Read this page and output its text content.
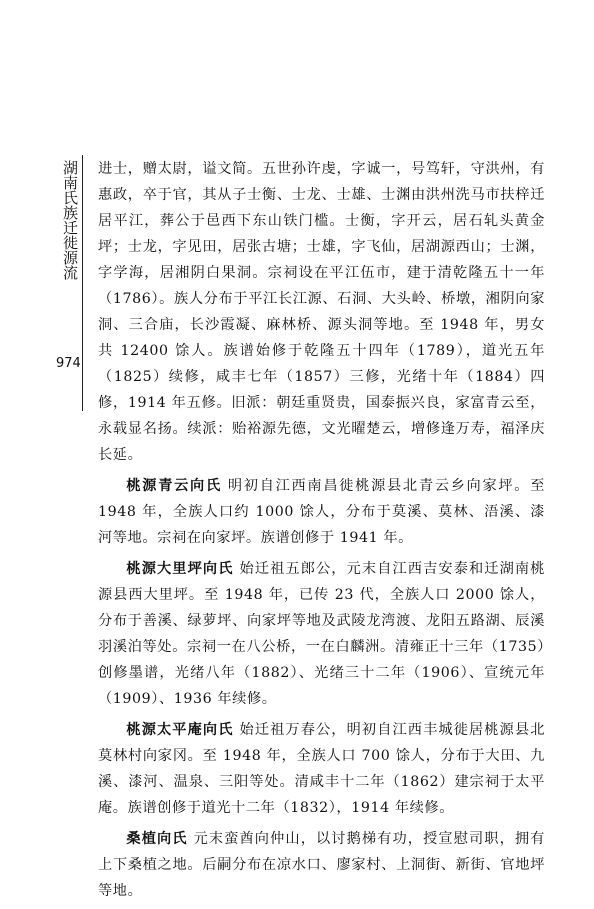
湖南氏族迁徙源流
974

进士，赠太尉，谥文简。五世孙许虔，字诚一，号笃轩，守洪州，有惠政，卒于官，其从子士衡、士龙、士雄、士渊由洪州洗马市扶梓迁居平江，葬公于邑西下东山铁门槛。士衡，字开云，居石轧头黄金坪；士龙，字见田，居张古塘；士雄，字飞仙，居湖源西山；士渊，字学海，居湘阴白果洞。宗祠设在平江伍市，建于清乾隆五十一年（1786）。族人分布于平江长江源、石洞、大头岭、桥墩，湘阴向家洞、三合庙，长沙霞凝、麻林桥、源头洞等地。至 1948 年，男女共 12400 馀人。族谱始修于乾隆五十四年（1789），道光五年（1825）续修，咸丰七年（1857）三修，光绪十年（1884）四修，1914 年五修。旧派：朝廷重贤贵，国泰振兴良，家富青云至，永载显名扬。续派：贻裕源先德，文光曜楚云，增修逢万寿，福泽庆长延。

桃源青云向氏 明初自江西南昌徙桃源县北青云乡向家坪。至 1948 年，全族人口约 1000 馀人，分布于莫溪、莫林、浯溪、漆河等地。宗祠在向家坪。族谱创修于 1941 年。

桃源大里坪向氏 始迁祖五郎公，元末自江西吉安泰和迁湖南桃源县西大里坪。至 1948 年，已传 23 代，全族人口 2000 馀人，分布于善溪、绿萝坪、向家坪等地及武陵龙湾渡、龙阳五路湖、辰溪羽溪泊等处。宗祠一在八公桥，一在白麟洲。清雍正十三年（1735）创修墨谱，光绪八年（1882）、光绪三十二年（1906）、宣统元年（1909）、1936 年续修。

桃源太平庵向氏 始迁祖万春公，明初自江西丰城徙居桃源县北莫林村向家冈。至 1948 年，全族人口 700 馀人，分布于大田、九溪、漆河、温泉、三阳等处。清咸丰十二年（1862）建宗祠于太平庵。族谱创修于道光十二年（1832），1914 年续修。

桑植向氏 元末蛮酋向仲山，以讨鹅梯有功，授宣慰司职，拥有上下桑植之地。后嗣分布在凉水口、廖家村、上洞街、新街、官地坪等地。
